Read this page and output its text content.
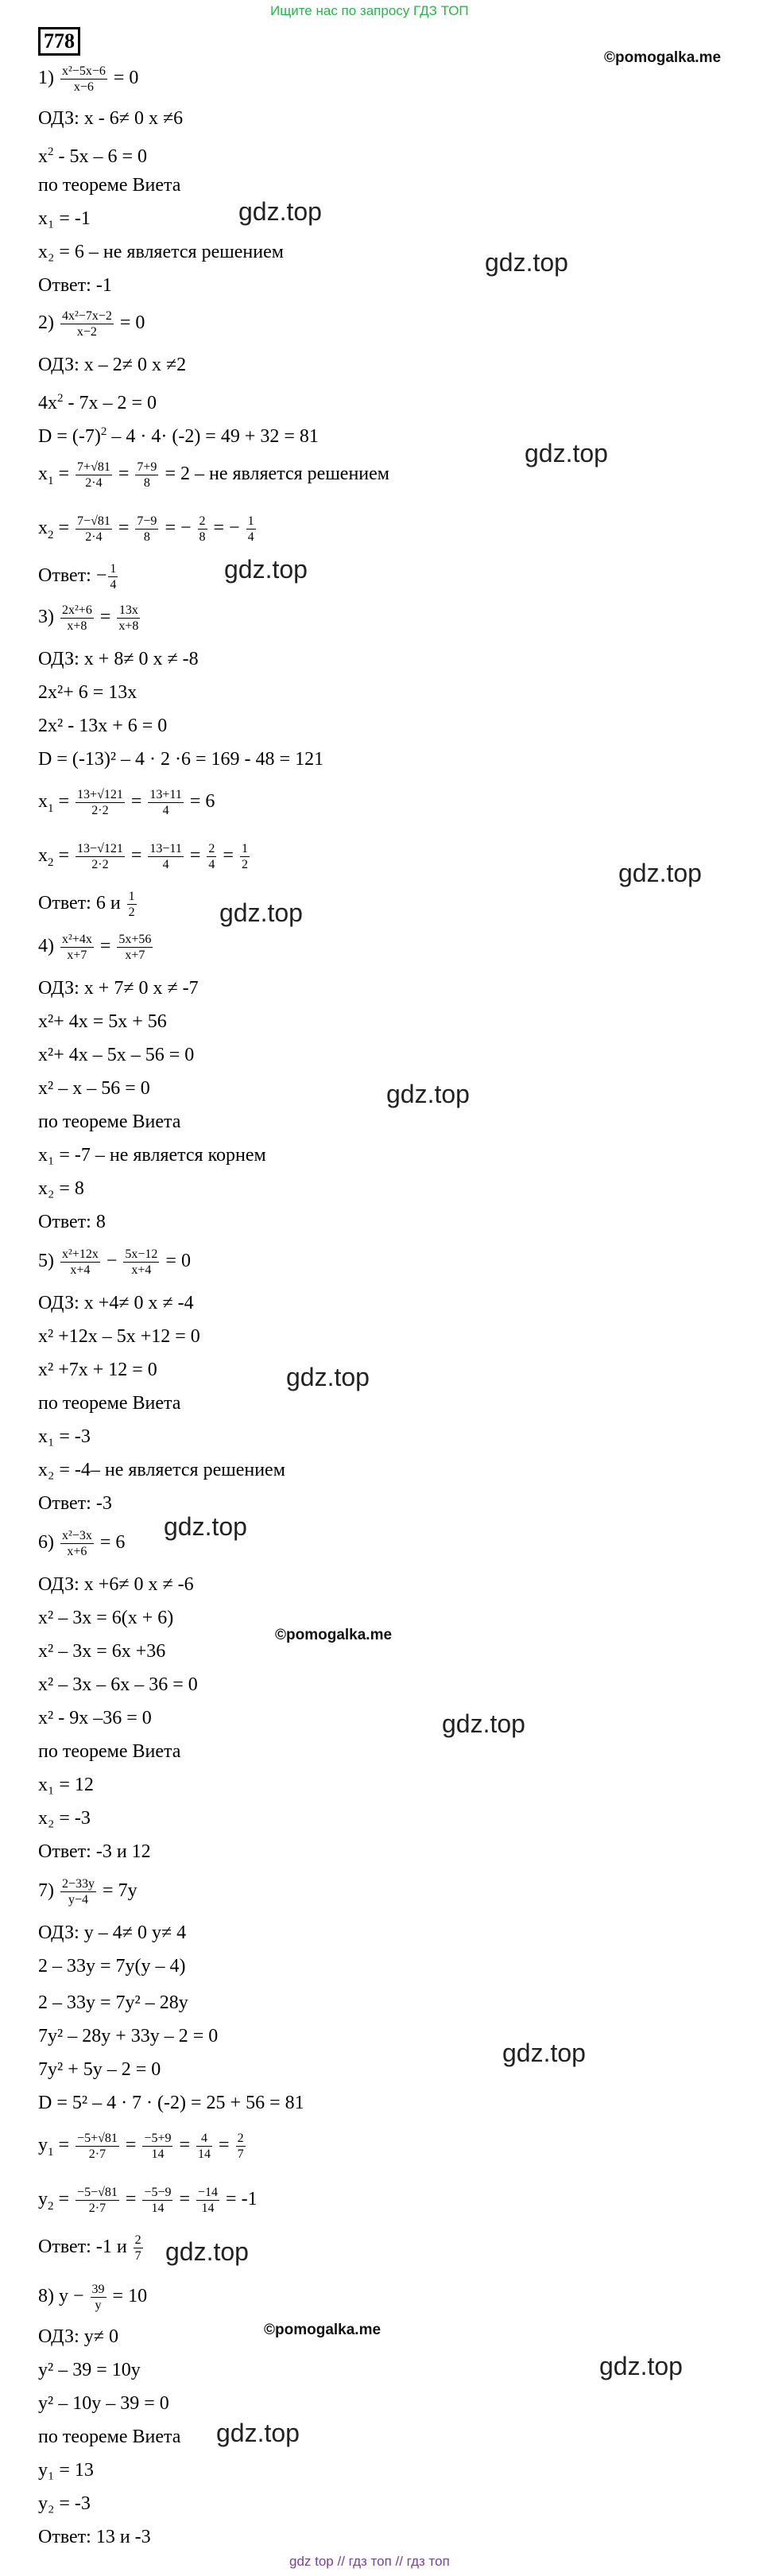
Ищите нас по запросу ГДЗ ТОП
778
©pomogalka.me
$1) \frac{\text{x²−5x−6}}{x-6} = 0$
ОДЗ: x - 6≠ 0 x ≠6
$x^2 - 5x - 6 = 0$
по теореме Виета
x₁ = -1
x₂ = 6 – не является решением
Ответ: -1
$2) \frac{\text{4x²−7x−2}}{x-2} = 0$
ОДЗ: x – 2≠ 0 x ≠2
$4x^2 - 7x - 2 = 0$
$D = (-7)^2 - 4 \cdot 4\cdot (-2) = 49 + 32 = 81$
$x_1 = \frac{7+√81}{2\cdot 4} = \frac{7+9}{8} = 2$ – не является решением
$x_2 = \frac{7-√81}{2\cdot 4} = \frac{7-9}{8}$ = − $\frac{2}{8}$ = − $\frac{1}{4}$
Ответ: − $\frac{1}{4}$
$3) \frac{\text{2x²+6}}{x+8} = \frac{13x}{x+8}$
ОДЗ: x + 8≠ 0 x ≠ -8
2x²+ 6 = 13x
2x² - 13x + 6 = 0
D = (-13)² – 4 · 2 ·6 = 169 - 48 = 121
$x_1 = \frac{13+√121}{2\cdot 2} = \frac{13+11}{4} = 6$
$x_2 = \frac{13-√121}{2\cdot 2} = \frac{13-11}{4} = \frac{2}{4} = \frac{1}{2}$
Ответ: 6 и $\frac{1}{2}$
$4) \frac{\text{x²+4x}}{x+7} = \frac{5x+56}{x+7}$
ОДЗ: x + 7≠ 0 x ≠ -7
x²+ 4x = 5x + 56
x²+ 4x – 5x – 56 = 0
x² – x – 56 = 0
по теореме Виета
x₁ = -7 – не является корнем
x₂ = 8
Ответ: 8
$5) \frac{\text{x²+12x}}{x+4} - \frac{5x-12}{x+4} = 0$
ОДЗ: x +4≠ 0 x ≠ -4
x² +12x – 5x +12 = 0
x² +7x + 12 = 0
по теореме Виета
x₁ = -3
x₂ = -4– не является решением
Ответ: -3
$6) \frac{\text{x²−3x}}{x+6} = 6$
ОДЗ: x +6≠ 0 x ≠ -6
x² – 3x = 6(x + 6)
x² – 3x = 6x +36
x² – 3x – 6x – 36 = 0
x² - 9x –36 = 0
по теореме Виета
x₁ = 12
x₂ = -3
Ответ: -3 и 12
$7) \frac{2-33y}{y-4} = 7y$
ОДЗ: y – 4≠ 0 y≠ 4
2 – 33y = 7y(y – 4)
2 – 33y = 7y² – 28y
7y² – 28y + 33y – 2 = 0
7y² + 5y – 2 = 0
D = 5² – 4 · 7 · (-2) = 25 + 56 = 81
$y_1 = \frac{-5+√81}{2\cdot 7} = \frac{-5+9}{14} = \frac{4}{14} = \frac{2}{7}$
$y_2 = \frac{-5-√81}{2\cdot 7} = \frac{-5-9}{14} = \frac{-14}{14} = -1$
Ответ: -1 и $\frac{2}{7}$
8) $y - \frac{39}{y} = 10$
ОДЗ: y≠ 0
y² – 39 = 10y
y² – 10y – 39 = 0
по теореме Виета
y₁ = 13
y₂ = -3
Ответ: 13 и -3
gdz.top
gdz.top
gdz.top
gdz.top
gdz.top
gdz.top
gdz.top
gdz.top
gdz.top
©pomogalka.me
gdz.top
gdz.top
gdz.top
©pomogalka.me
gdz.top
gdz.top
gdz top // гдз топ // гдз топ
